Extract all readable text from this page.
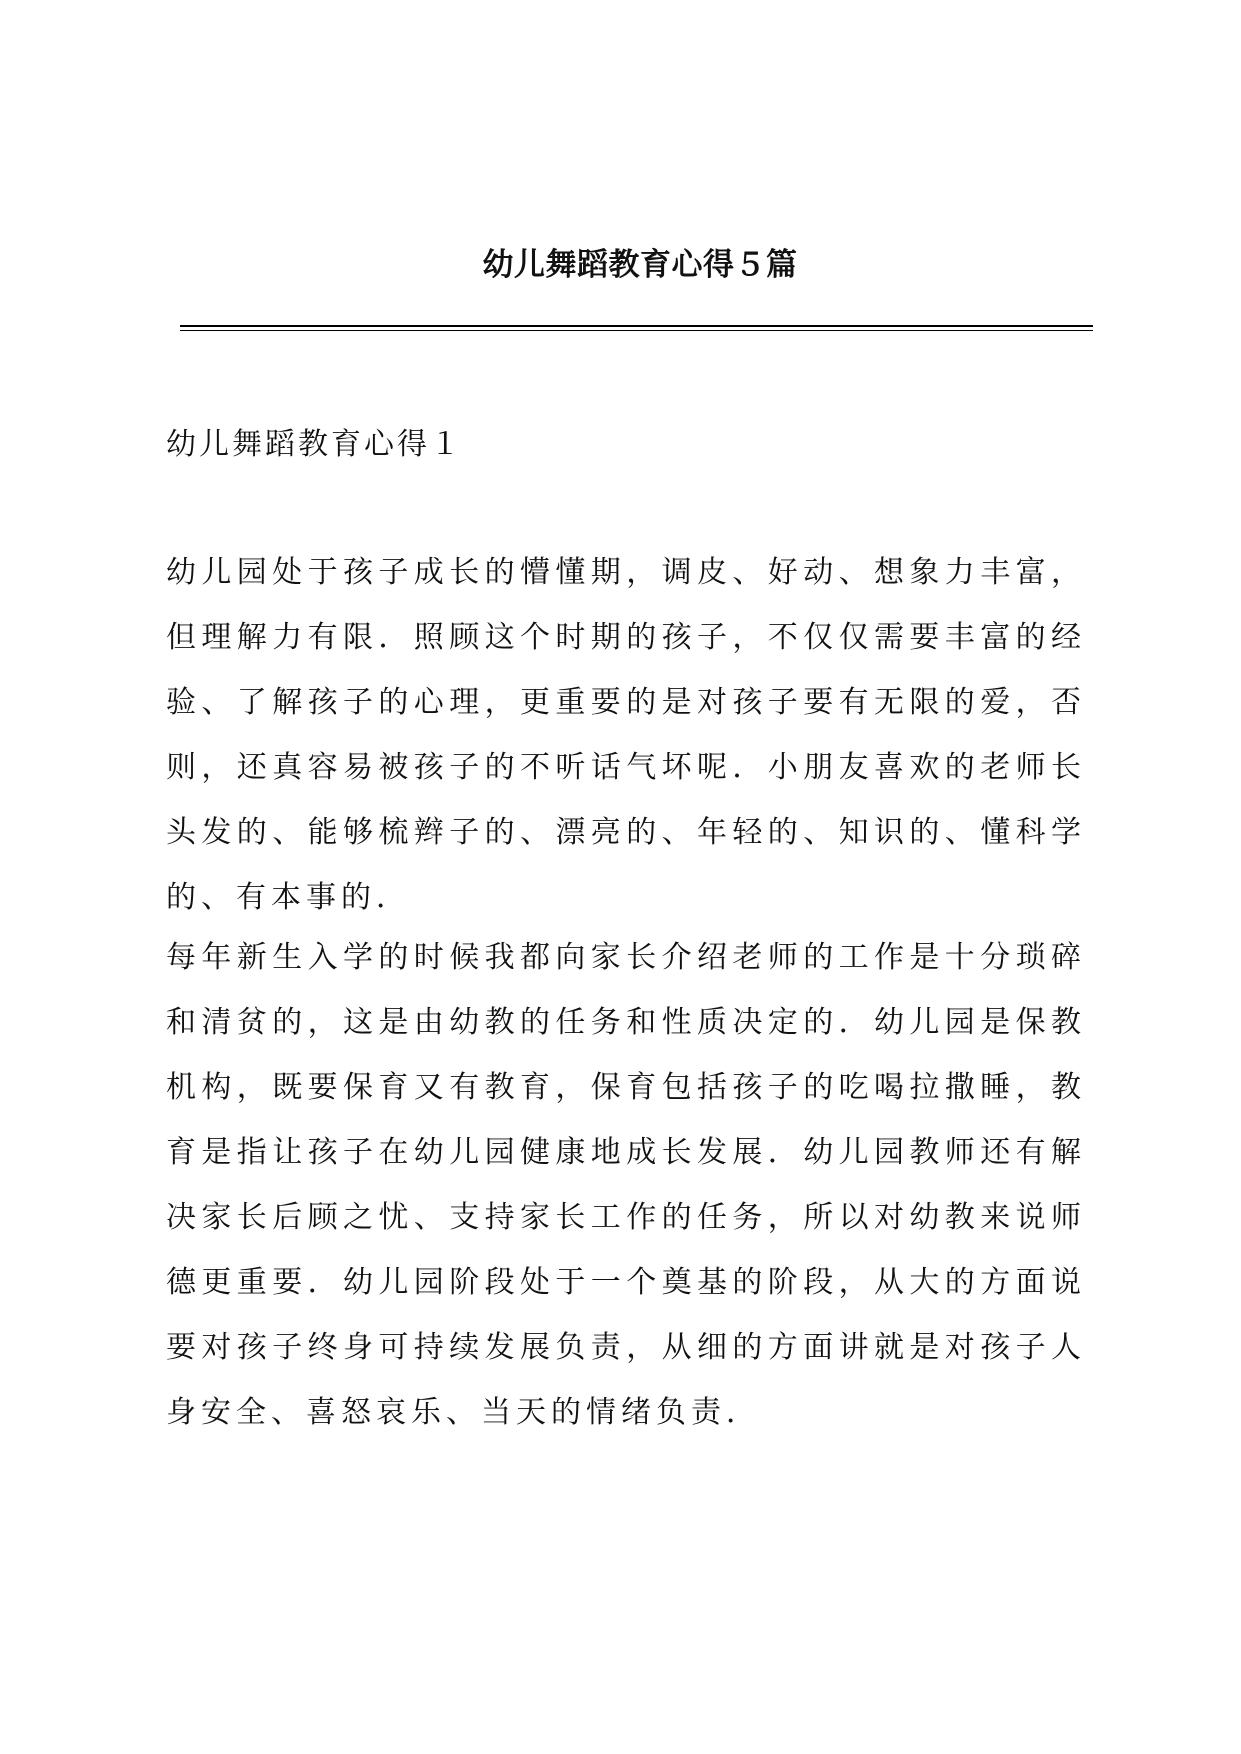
幼儿舞蹈教育心得５篇
幼儿舞蹈教育心得１

幼儿园处于孩子成长的懵懂期，调皮、好动、想象力丰富，但理解力有限．照顾这个时期的孩子，不仅仅需要丰富的经验、了解孩子的心理，更重要的是对孩子要有无限的爱，否则，还真容易被孩子的不听话气坏呢．小朋友喜欢的老师长头发的、能够梳辫子的、漂亮的、年轻的、知识的、懂科学的、有本事的．

每年新生入学的时候我都向家长介绍老师的工作是十分琐碎和清贫的，这是由幼教的任务和性质决定的．幼儿园是保教机构，既要保育又有教育，保育包括孩子的吃喝拉撒睡，教育是指让孩子在幼儿园健康地成长发展．幼儿园教师还有解决家长后顾之忧、支持家长工作的任务，所以对幼教来说师德更重要．幼儿园阶段处于一个奠基的阶段，从大的方面说要对孩子终身可持续发展负责，从细的方面讲就是对孩子人身安全、喜怒哀乐、当天的情绪负责．
